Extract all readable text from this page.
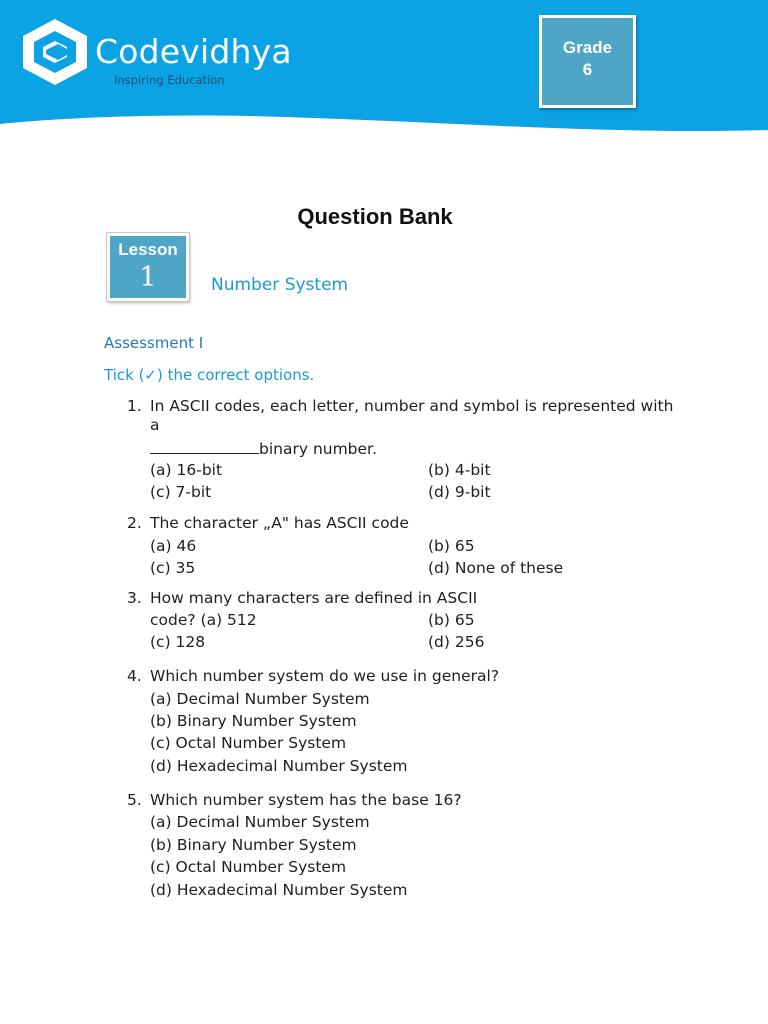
Codevidhya
Inspiring Education
Grade
6
Question Bank
Lesson
1	Number System
Assessment I
Tick (✓) the correct options.
1. In ASCII codes, each letter, number and symbol is represented with
a
binary number.
(a) 16-bit	(b) 4-bit
(c) 7-bit	(d) 9-bit
2. The character „A" has ASCII code
(a) 46	(b) 65
(c) 35	(d) None of these
3. How many characters are defined in ASCII
code? (a) 512	(b) 65
(c) 128	(d) 256
4. Which number system do we use in general?
(a) Decimal Number System
(b) Binary Number System
(c) Octal Number System
(d) Hexadecimal Number System
5. Which number system has the base 16?
(a) Decimal Number System
(b) Binary Number System
(c) Octal Number System
(d) Hexadecimal Number System
